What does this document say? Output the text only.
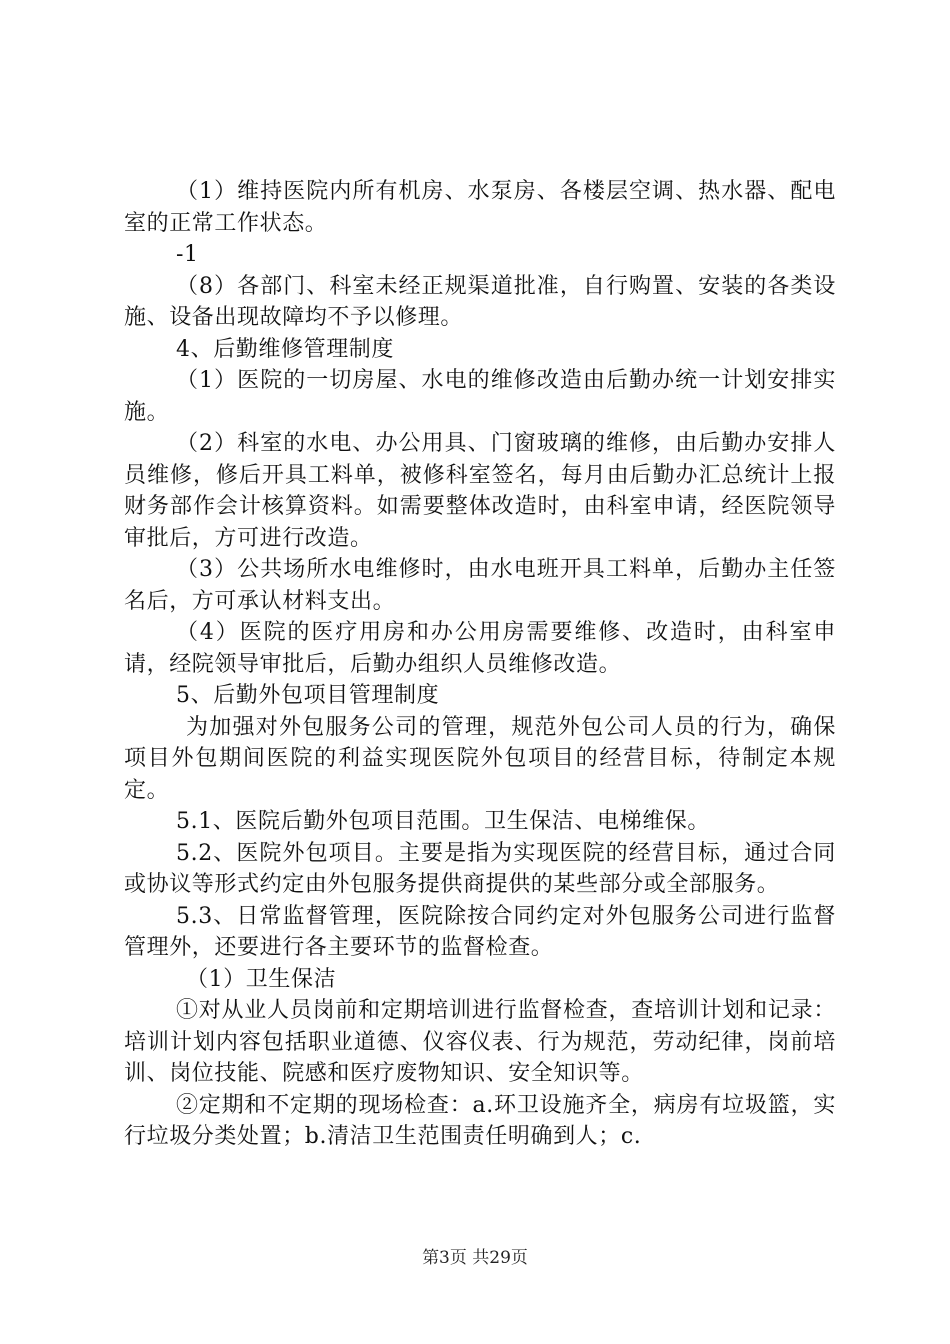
（1）维持医院内所有机房、水泵房、各楼层空调、热水器、配电室的正常工作状态。

-1

（8）各部门、科室未经正规渠道批准，自行购置、安装的各类设施、设备出现故障均不予以修理。

4、后勤维修管理制度

（1）医院的一切房屋、水电的维修改造由后勤办统一计划安排实施。

（2）科室的水电、办公用具、门窗玻璃的维修，由后勤办安排人员维修，修后开具工料单，被修科室签名，每月由后勤办汇总统计上报财务部作会计核算资料。如需要整体改造时，由科室申请，经医院领导审批后，方可进行改造。

（3）公共场所水电维修时，由水电班开具工料单，后勤办主任签名后，方可承认材料支出。

（4）医院的医疗用房和办公用房需要维修、改造时，由科室申请，经院领导审批后，后勤办组织人员维修改造。

5、后勤外包项目管理制度

为加强对外包服务公司的管理，规范外包公司人员的行为，确保项目外包期间医院的利益实现医院外包项目的经营目标，待制定本规定。

5.1、医院后勤外包项目范围。卫生保洁、电梯维保。

5.2、医院外包项目。主要是指为实现医院的经营目标，通过合同或协议等形式约定由外包服务提供商提供的某些部分或全部服务。

5.3、日常监督管理，医院除按合同约定对外包服务公司进行监督管理外，还要进行各主要环节的监督检查。

（1）卫生保洁

①对从业人员岗前和定期培训进行监督检查，查培训计划和记录：培训计划内容包括职业道德、仪容仪表、行为规范，劳动纪律，岗前培训、岗位技能、院感和医疗废物知识、安全知识等。

②定期和不定期的现场检查：a.环卫设施齐全，病房有垃圾篮，实行垃圾分类处置；b.清洁卫生范围责任明确到人；c.

第3页 共29页
